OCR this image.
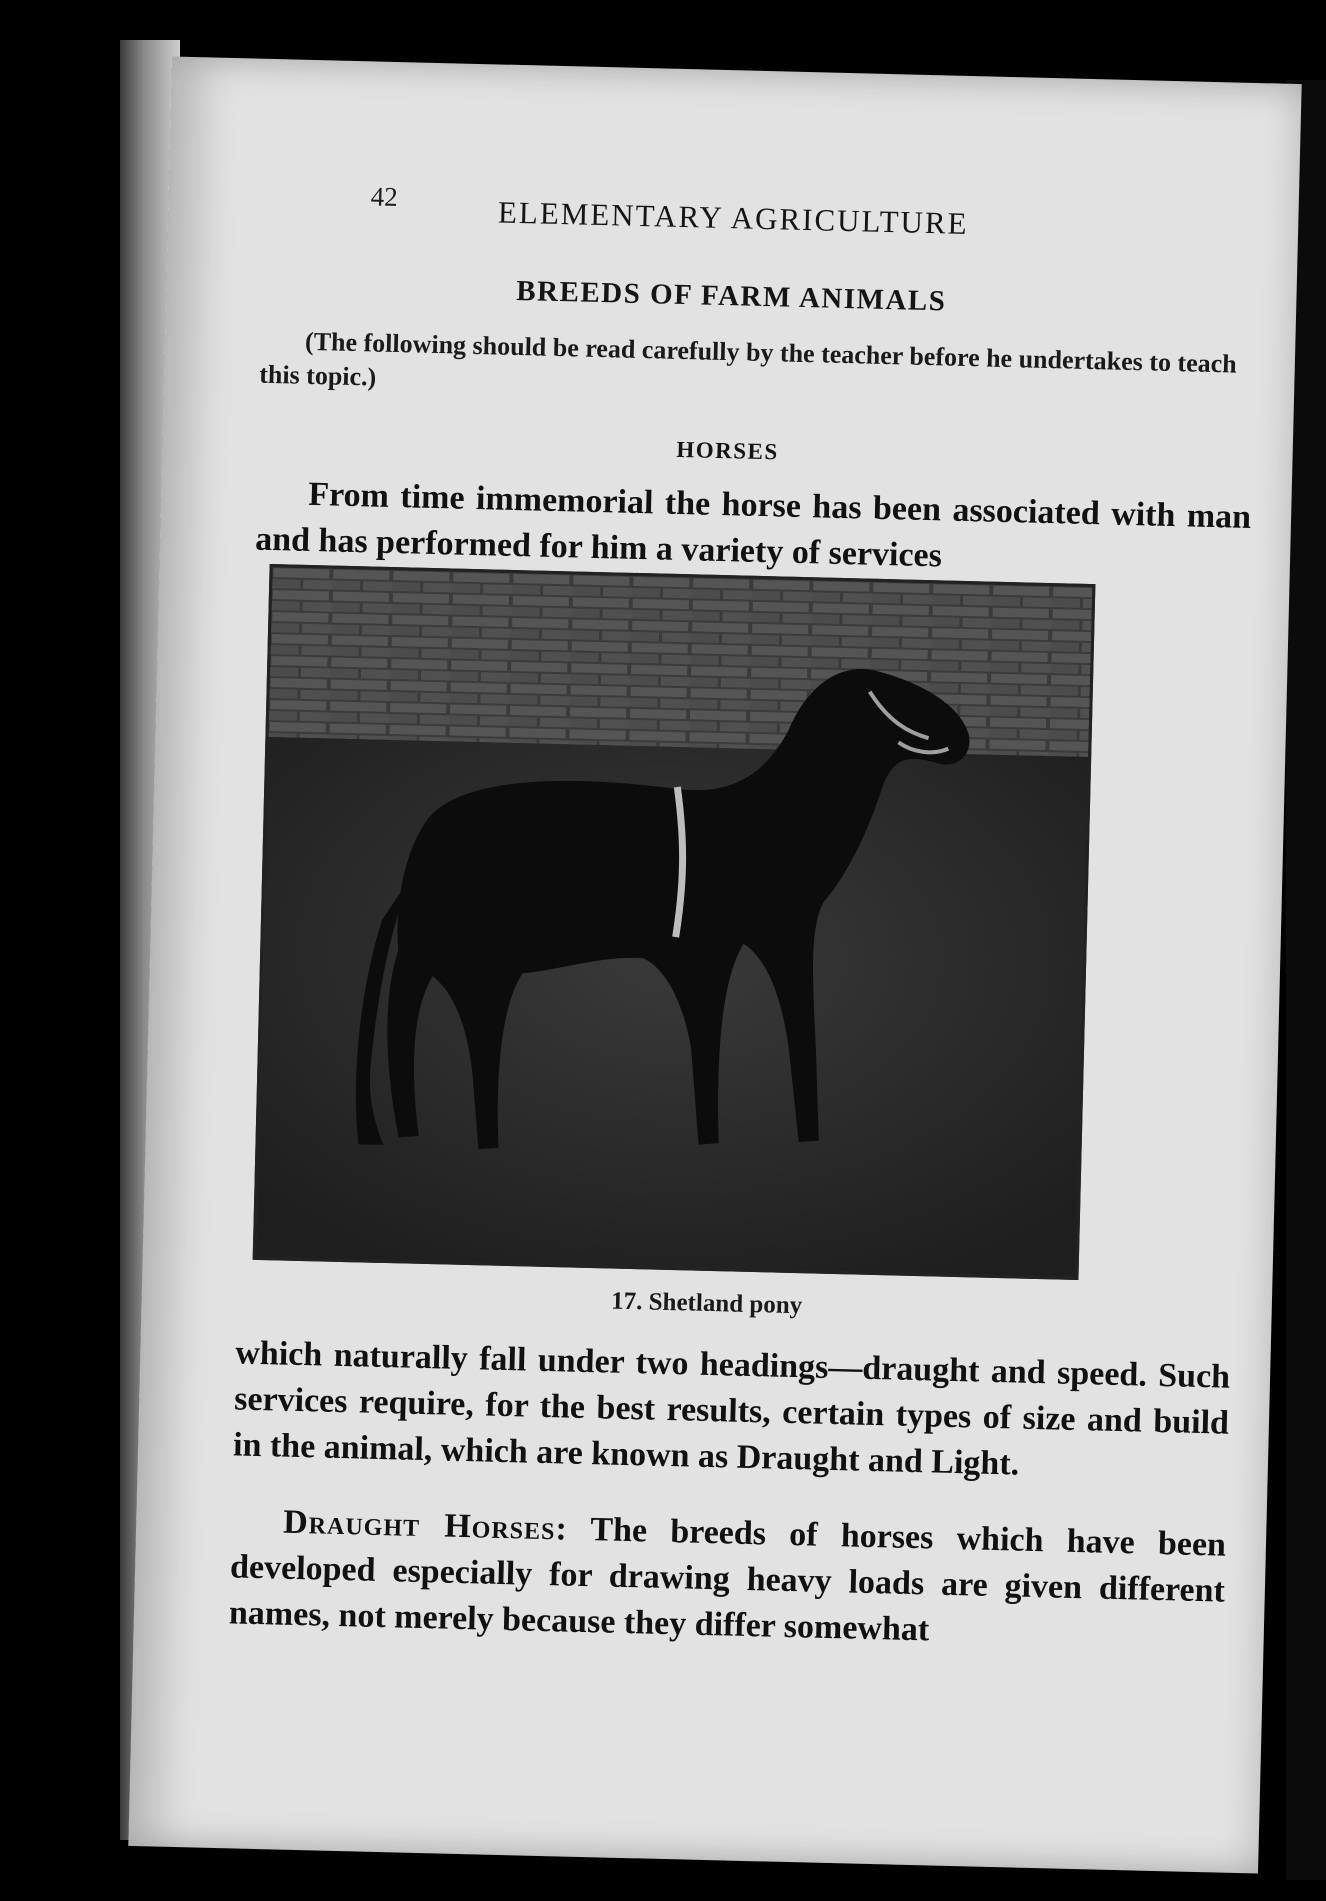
42	ELEMENTARY AGRICULTURE
BREEDS OF FARM ANIMALS
(The following should be read carefully by the teacher before he undertakes to teach this topic.)
HORSES
From time immemorial the horse has been associated with man and has performed for him a variety of services
17. Shetland pony
which naturally fall under two headings—draught and speed. Such services require, for the best results, certain types of size and build in the animal, which are known as Draught and Light.
Draught Horses: The breeds of horses which have been developed especially for drawing heavy loads are given different names, not merely because they differ somewhat
